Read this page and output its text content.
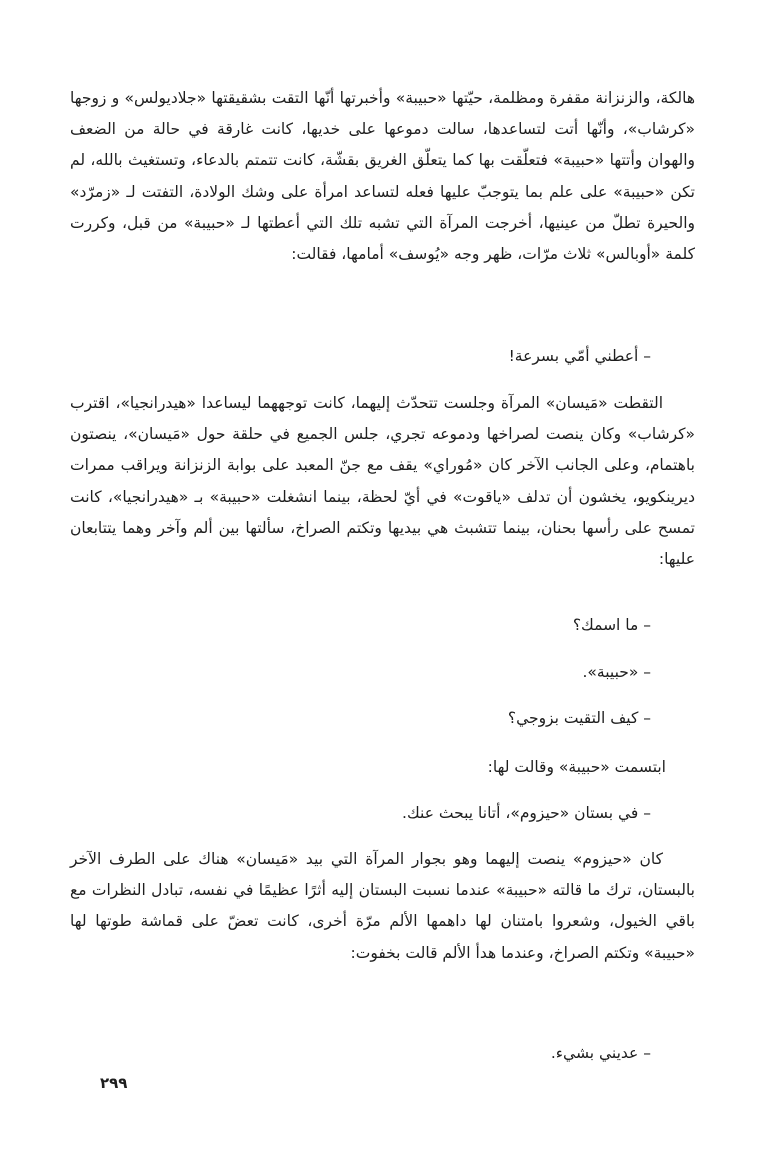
هالكة، والزنزانة مقفرة ومظلمة، حيّتها «حبيبة» وأخبرتها أنّها التقت بشقيقتها «جلاديولس» و زوجها «كرشاب»، وأنّها أتت لتساعدها، سالت دموعها على خديها، كانت غارقة في حالة من الضعف والهوان وأتتها «حبيبة» فتعلّقت بها كما يتعلّق الغريق بقشّة، كانت تتمتم بالدعاء، وتستغيث بالله، لم تكن «حبيبة» على علم بما يتوجبّ عليها فعله لتساعد امرأة على وشك الولادة، التفتت لـ «زمرّد» والحيرة تطلّ من عينيها، أخرجت المرآة التي تشبه تلك التي أعطتها لـ «حبيبة» من قبل، وكررت كلمة «أوبالس» ثلاث مرّات، ظهر وجه «يُوسف» أمامها، فقالت:

– أعطني أمّي بسرعة!

التقطت «مَيسان» المرآة وجلست تتحدّث إليهما، كانت توجههما ليساعدا «هيدرانجيا»، اقترب «كرشاب» وكان ينصت لصراخها ودموعه تجري، جلس الجميع في حلقة حول «مَيسان»، ينصتون باهتمام، وعلى الجانب الآخر كان «مُوراي» يقف مع جنّ المعبد على بوابة الزنزانة ويراقب ممرات ديرينكويو، يخشون أن تدلف «ياقوت» في أيّ لحظة، بينما انشغلت «حبيبة» بـ «هيدرانجيا»، كانت تمسح على رأسها بحنان، بينما تتشبث هي بيديها وتكتم الصراخ، سألتها بين ألم وآخر وهما يتتابعان عليها:

– ما اسمك؟

– «حبيبة».

– كيف التقيت بزوجي؟

ابتسمت «حبيبة» وقالت لها:

– في بستان «حيزوم»، أتانا يبحث عنك.

كان «حيزوم» ينصت إليهما وهو بجوار المرآة التي بيد «مَيسان» هناك على الطرف الآخر بالبستان، ترك ما قالته «حبيبة» عندما نسبت البستان إليه أثرًا عظيمًا في نفسه، تبادل النظرات مع باقي الخيول، وشعروا بامتنان لها داهمها الألم مرّة أخرى، كانت تعضّ على قماشة طوتها لها «حبيبة» وتكتم الصراخ، وعندما هدأ الألم قالت بخفوت:

– عديني بشيء.

٢٩٩
